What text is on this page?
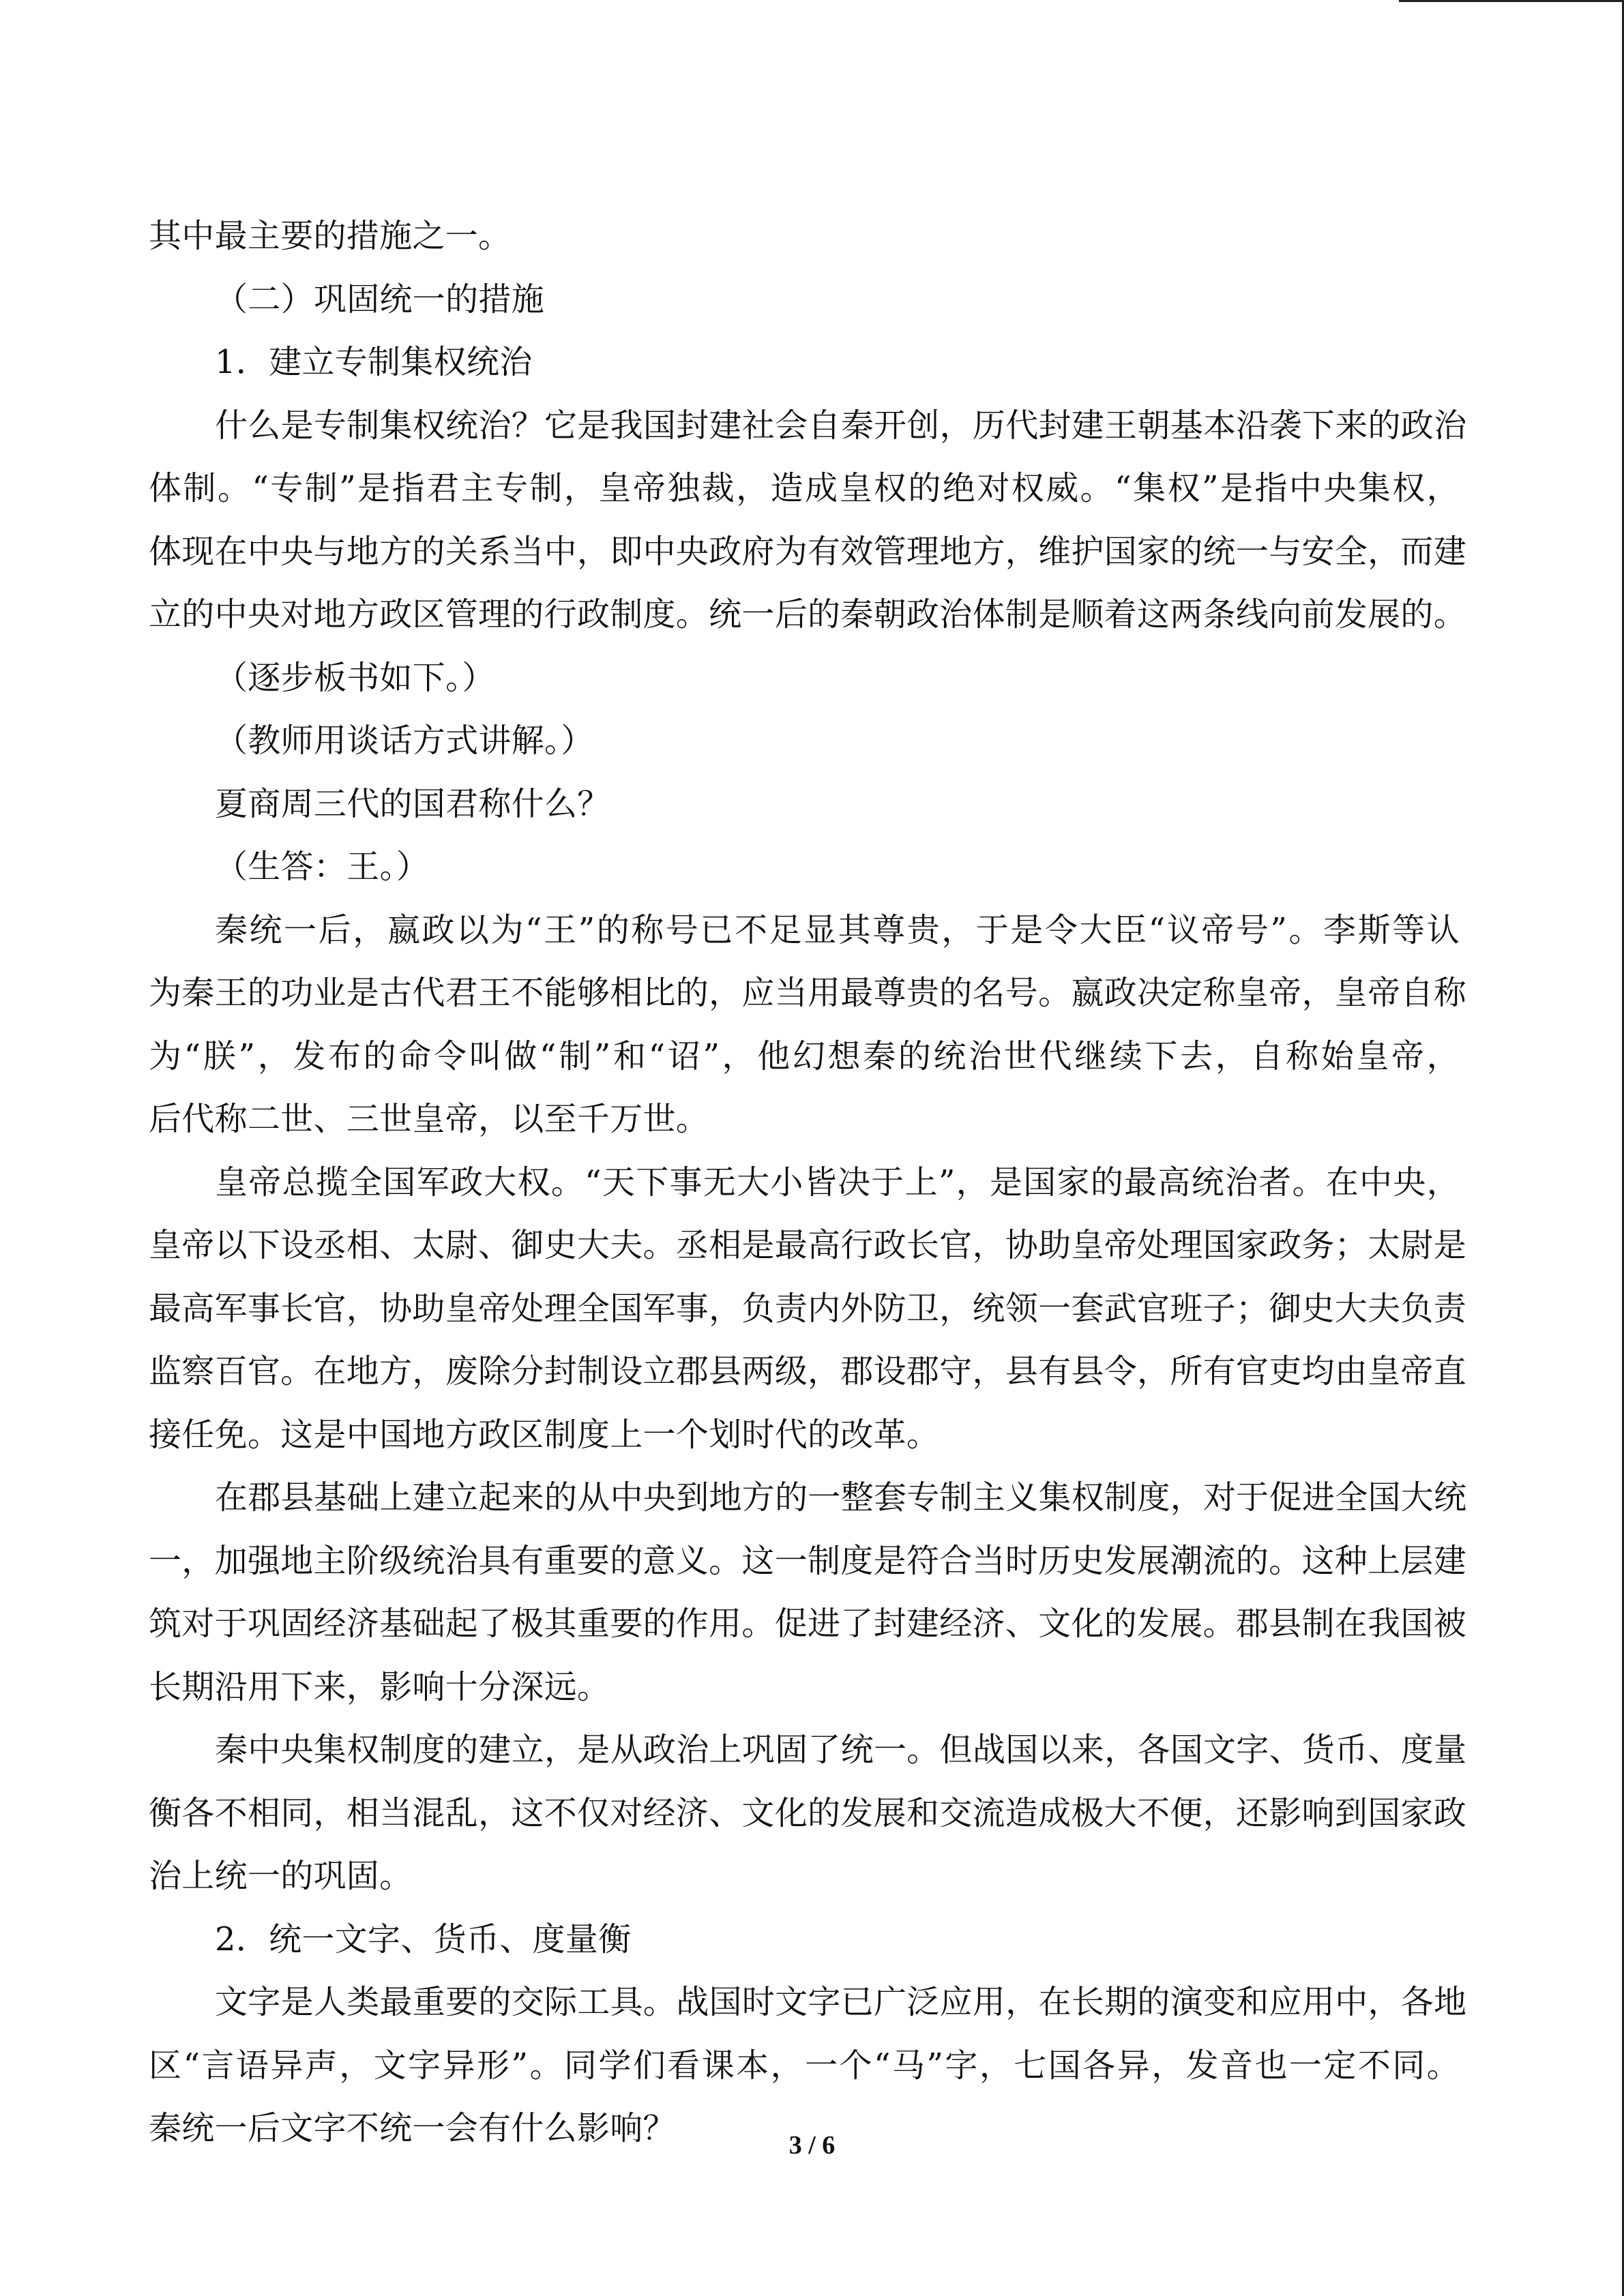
其中最主要的措施之一。
（二）巩固统一的措施
1．建立专制集权统治
什么是专制集权统治？它是我国封建社会自秦开创，历代封建王朝基本沿袭下来的政治
体制。“专制”是指君主专制，皇帝独裁，造成皇权的绝对权威。“集权”是指中央集权，
体现在中央与地方的关系当中，即中央政府为有效管理地方，维护国家的统一与安全，而建
立的中央对地方政区管理的行政制度。统一后的秦朝政治体制是顺着这两条线向前发展的。
（逐步板书如下。）
（教师用谈话方式讲解。）
夏商周三代的国君称什么？
（生答：王。）
秦统一后，嬴政以为“王”的称号已不足显其尊贵，于是令大臣“议帝号”。李斯等认
为秦王的功业是古代君王不能够相比的，应当用最尊贵的名号。嬴政决定称皇帝，皇帝自称
为“朕”，发布的命令叫做“制”和“诏”，他幻想秦的统治世代继续下去，自称始皇帝，
后代称二世、三世皇帝，以至千万世。
皇帝总揽全国军政大权。“天下事无大小皆决于上”，是国家的最高统治者。在中央，
皇帝以下设丞相、太尉、御史大夫。丞相是最高行政长官，协助皇帝处理国家政务；太尉是
最高军事长官，协助皇帝处理全国军事，负责内外防卫，统领一套武官班子；御史大夫负责
监察百官。在地方，废除分封制设立郡县两级，郡设郡守，县有县令，所有官吏均由皇帝直
接任免。这是中国地方政区制度上一个划时代的改革。
在郡县基础上建立起来的从中央到地方的一整套专制主义集权制度，对于促进全国大统
一，加强地主阶级统治具有重要的意义。这一制度是符合当时历史发展潮流的。这种上层建
筑对于巩固经济基础起了极其重要的作用。促进了封建经济、文化的发展。郡县制在我国被
长期沿用下来，影响十分深远。
秦中央集权制度的建立，是从政治上巩固了统一。但战国以来，各国文字、货币、度量
衡各不相同，相当混乱，这不仅对经济、文化的发展和交流造成极大不便，还影响到国家政
治上统一的巩固。
2．统一文字、货币、度量衡
文字是人类最重要的交际工具。战国时文字已广泛应用，在长期的演变和应用中，各地
区“言语异声，文字异形”。同学们看课本，一个“马”字，七国各异，发音也一定不同。
秦统一后文字不统一会有什么影响？	3 / 6
